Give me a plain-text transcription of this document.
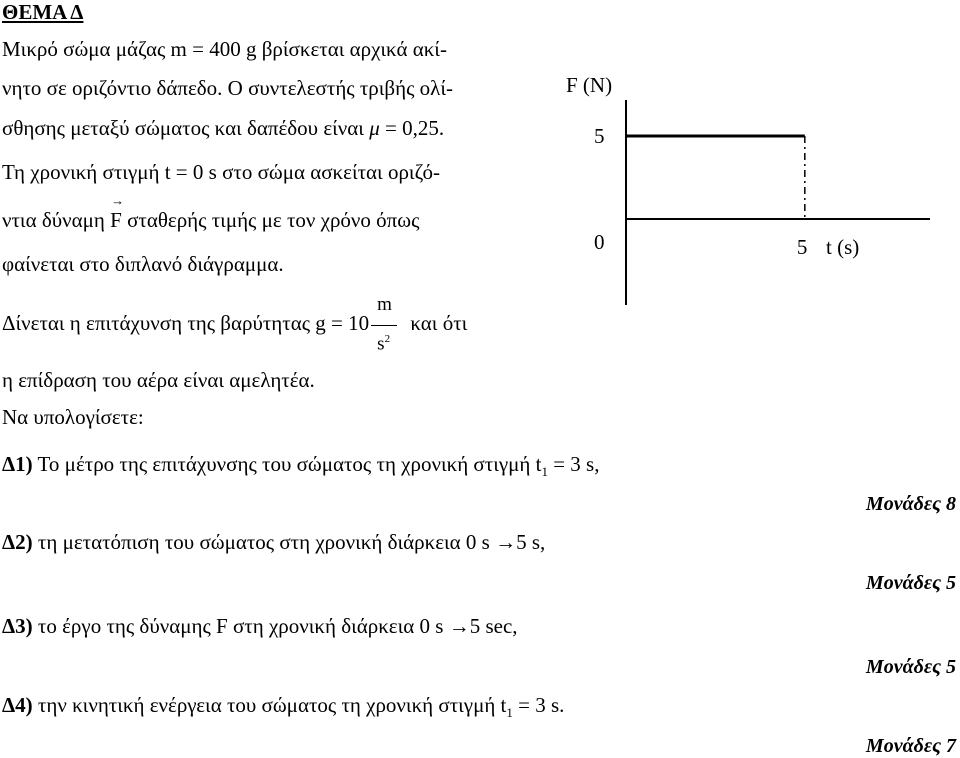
ΘΕΜΑ Δ
Μικρό σώμα μάζας m = 400 g βρίσκεται αρχικά ακί-
νητο σε οριζόντιο δάπεδο. Ο συντελεστής τριβής ολί-
σθησης μεταξύ σώματος και δαπέδου είναι μ = 0,25.
Τη χρονική στιγμή t = 0 s στο σώμα ασκείται οριζό-
ντια δύναμη
→
F σταθερής τιμής με τον χρόνο όπως
φαίνεται στο διπλανό διάγραμμα.
Δίνεται η επιτάχυνση της βαρύτητας $g = 10 \frac{m}{s^2}$ και ότι
η επίδραση του αέρα είναι αμελητέα.
Να υπολογίσετε:
Δ1) Το μέτρο της επιτάχυνσης του σώματος τη χρονική στιγμή $t_1 = 3$ s,
Μονάδες 8
Δ2) τη μετατόπιση του σώματος στη χρονική διάρκεια 0 s →5 s,
Μονάδες 5
Δ3) το έργο της δύναμης F στη χρονική διάρκεια 0 s →5 sec,
Μονάδες 5
Δ4) την κινητική ενέργεια του σώματος τη χρονική στιγμή $t_1 = 3$ s.
Μονάδες 7
F (N)
5
0	5 t (s)
